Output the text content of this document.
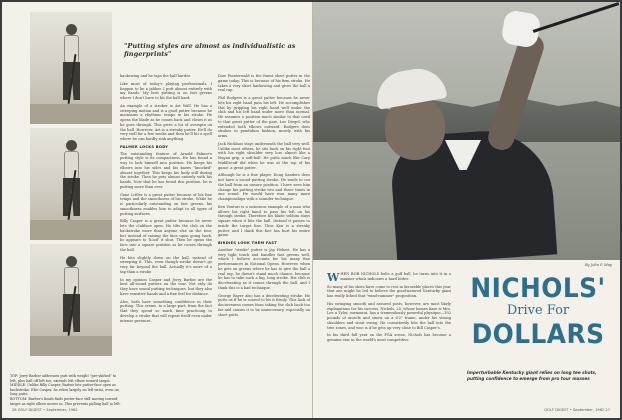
"Putting styles are almost as individualistic as fingerprints"

backswing and he taps the ball harder.

Like most of today's playing professionals, I happen to be a jabber. I putt almost entirely with my hands. My best putting is on fast greens where I don't have to hit the ball hard.

An example of a stroker is Art Wall. He has a sweeping motion and is a good putter because he maintains a rhythmic tempo in his stroke. He opens the blade as he comes back and closes it as he goes through. This gives a lot of overspin on the ball. However, Art is a streaky putter. He'll do very well for a few weeks and then he'll hit a spell where he can hardly sink anything.

PALMER LOCKS BODY

The outstanding feature of Arnold Palmer's putting style is its compactness. He has found a way to lock himself into position. He keeps his elbows into his sides and his knees "knocked" almost together. This keeps his body still during the stroke. Then he puts almost entirely with his hands. Now that he has found this position, he is putting more than ever.

Gene Littler is a great putter because of his fine tempo and the smoothness of his stroke. While he is particularly outstanding on fast greens, his smoothness enables him to adapt to all types of putting surfaces.

Billy Casper is a great putter because he never lets the clubface open. He tilts the club on the backstroke more than anyone else on the tour, but instead of raising the face upon going back, he appears to 'hood' it shut. Then he opens the face into a square position as he comes through the ball.

He hits slightly down on the ball, instead of sweeping it. This, even though stroke doesn't go very far beyond the ball. Actually it's more of a tap than a stroke.

In my opinion Casper and Jerry Barber are the best all-round putters on the tour. Not only do they have sound putting techniques, but they also have sensitive hands and a fine feel for distance.

Also, both have something confidence in their putting. This seems, to a large part, from the fact that they spend so much time practicing to develop a stroke that will repeat itself even under intense pressure.

Dow Finsterwald is the finest short putter in the game today. This is because of his firm stroke. He takes a very short backswing and gives the ball a real rap.

Phil Rodgers is a great putter because he never lets his right hand pass his left. He accomplishes this by gripping his right hand well under the club and his left hand under more than normal. He assumes a position much similar to that used to that great putter of the past, Leo Diegel, who extended both elbows outward. Rodgers does strokes in pendulum fashion, mostly with his arms.

Jack Nicklaus stays underneath the ball very well. Unlike most others, he sits back on his right foot with his right shoulder very low, almost like a Hogan grip, a soft-ball. He putts much like Cary Middlecoff did when he was at the top of his game: a great putter.

Although he is a fine player, Doug Sanders does not have a sound putting stroke. He tends to cut the ball from an unsure position. I have seen him change his putting stroke two and three times in one round. He would have won many more championships with a sounder technique.

Ken Venturi is a notorious example of a man who allows his right hand to pass his left on his through stroke. Therefore his blade seldom stays square when it hits the ball. Instead it passes to inside the target line. Thus Ken is a streaky putter, and I think this fact has hurt his entire game.

BIRDIES LOOK THEM FAST

Another "stroke" putter is Jay Hebert. He has a very light touch and handles fast greens well, which I believe accounts for his many fine performances in National Opens. However, when he gets on greens where he has to give the ball a real rap, he doesn't stand much chance, because he has to take such a big, long stroke. His club is decelerating as it comes through the ball, and I think this is a bad technique.

George Bayer also has a decelerating stroke. He putts as if he is scared to hit it firmly. This lack of decisiveness comes from taking the club back too far and causes it to be unnecessary, especially on short putts.

TOP: Jerry Barber addresses putt with weight "pre-shifted" to left, plus ball off left toe, extends left elbow toward target.

MIDDLE: Unlike Billy Casper, Barber lets putter-face open as backstroke. Else Casper, he relies largely on left wrist, even on long putts.

BOTTOM: Barber's finish finds putter-face still moving toward target as right elbow moves in. This prevents pulling ball to left.

26 GOLF DIGEST • September, 1962
By John P. May

WHEN BOB NICHOLS belts a golf ball, he turns into it in a manner which indicates a hard hitter.

So many of his shots have come to rest in favorable places this year that one might be led to believe the good-natured Kentucky giant has really licked that "wind-rammer" proposition.

His swinging smooth and assured posts, however, are most likely explanations for his success. Nichols, 25, whose homes base is Mrs. Lee a Tyler, surmount, has a tremendously powerful physique—192 pounds of muscle and sinew on a 6'2" frame, under his strong shoulders and stout swing. He consistently hits the ball into the tree zones, and woe is if he gets up very close to Bill Casper's.

In his third full year on the PGA scene, Nichols has become a genuine star in the world's most competitive

NICHOLS'
Drive For
DOLLARS
Imperturbable Kentucky giant relies on long tee shots, putting confidence to emerge from pro tour masses
GOLF DIGEST • September, 1962 27
